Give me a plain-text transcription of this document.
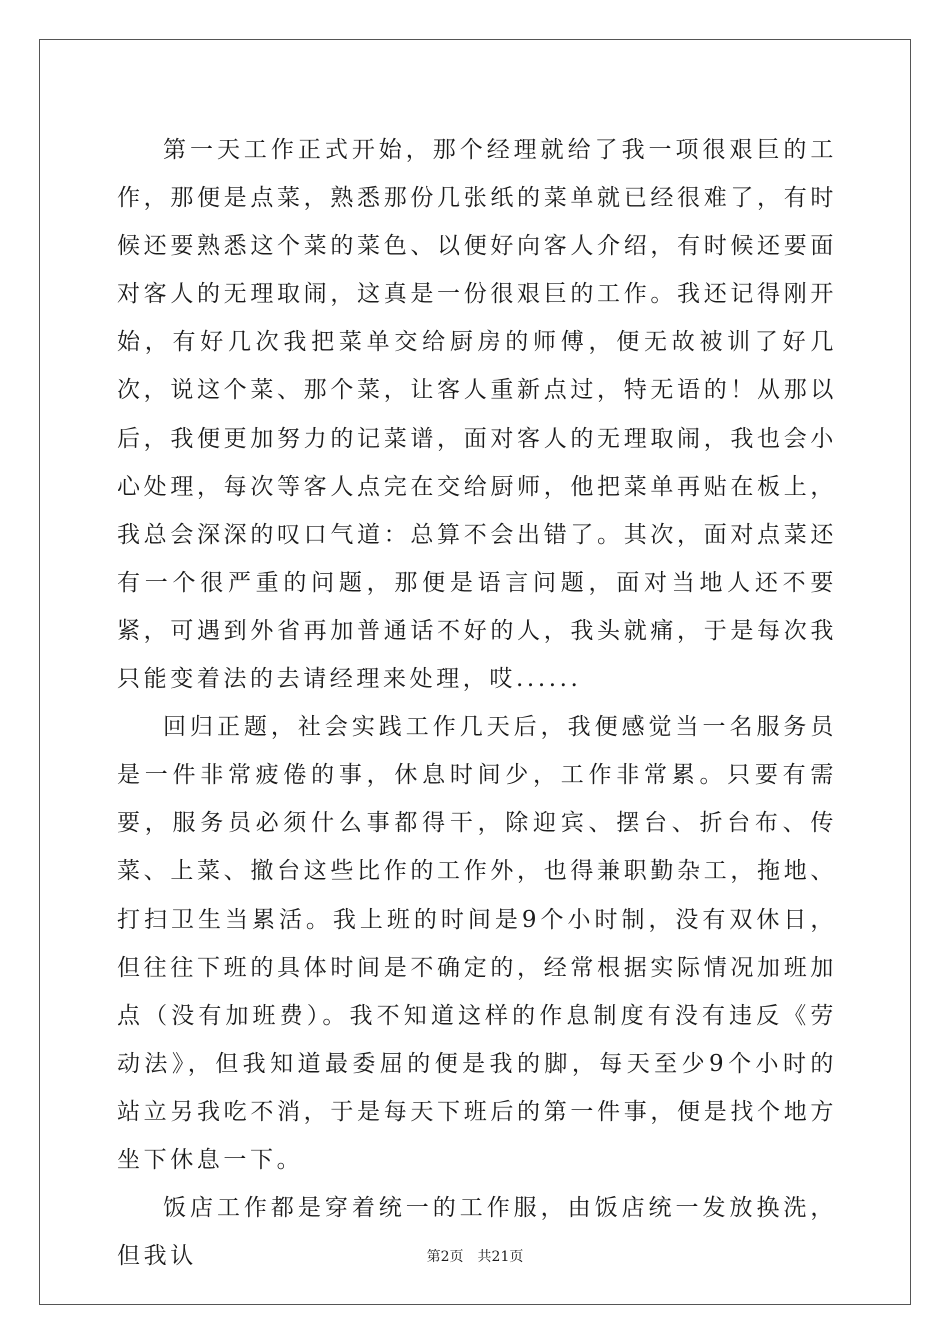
第一天工作正式开始，那个经理就给了我一项很艰巨的工作，那便是点菜，熟悉那份几张纸的菜单就已经很难了，有时候还要熟悉这个菜的菜色、以便好向客人介绍，有时候还要面对客人的无理取闹，这真是一份很艰巨的工作。我还记得刚开始，有好几次我把菜单交给厨房的师傅，便无故被训了好几次，说这个菜、那个菜，让客人重新点过，特无语的！从那以后，我便更加努力的记菜谱，面对客人的无理取闹，我也会小心处理，每次等客人点完在交给厨师，他把菜单再贴在板上，我总会深深的叹口气道：总算不会出错了。其次，面对点菜还有一个很严重的问题，那便是语言问题，面对当地人还不要紧，可遇到外省再加普通话不好的人，我头就痛，于是每次我只能变着法的去请经理来处理，哎......

回归正题，社会实践工作几天后，我便感觉当一名服务员是一件非常疲倦的事，休息时间少，工作非常累。只要有需要，服务员必须什么事都得干，除迎宾、摆台、折台布、传菜、上菜、撤台这些比作的工作外，也得兼职勤杂工，拖地、打扫卫生当累活。我上班的时间是9个小时制，没有双休日，但往往下班的具体时间是不确定的，经常根据实际情况加班加点（没有加班费）。我不知道这样的作息制度有没有违反《劳动法》，但我知道最委屈的便是我的脚，每天至少9个小时的站立另我吃不消，于是每天下班后的第一件事，便是找个地方坐下休息一下。

饭店工作都是穿着统一的工作服，由饭店统一发放换洗，但我认	第2页 共21页
